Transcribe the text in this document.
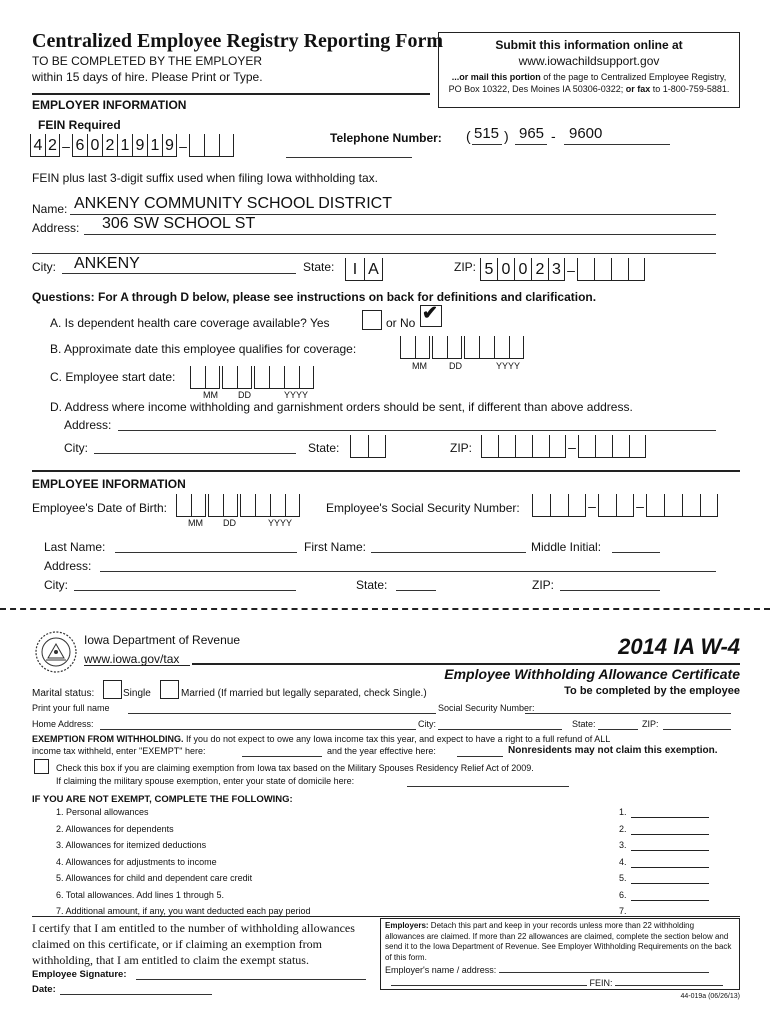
Centralized Employee Registry Reporting Form
TO BE COMPLETED BY THE EMPLOYER
within 15 days of hire. Please Print or Type.
Submit this information online at
www.iowachildsupport.gov
...or mail this portion of the page to Centralized Employee Registry, PO Box 10322, Des Moines IA 50306-0322; or fax to 1-800-759-5881.
EMPLOYER INFORMATION
FEIN Required
4 2 – 6 0 2 1 9 1 9 –	Telephone Number: ( 515 ) 965 - 9600
FEIN plus last 3-digit suffix used when filing Iowa withholding tax.
Name: ANKENY COMMUNITY SCHOOL DISTRICT
Address: 306 SW SCHOOL ST
City: ANKENY	State:	I A	ZIP: 5 0 0 2 3 –
Questions: For A through D below, please see instructions on back for definitions and clarification.
A. Is dependent health care coverage available? Yes	or No ✔
B. Approximate date this employee qualifies for coverage:
MM DD	YYYY
C. Employee start date:
MM DD	YYYY
D. Address where income withholding and garnishment orders should be sent, if different than above address.
Address:
City:	State:	ZIP:	–
EMPLOYEE INFORMATION
Employee's Date of Birth:
MM DD	YYYY
Employee's Social Security Number:	–	–
Last Name:	First Name:	Middle Initial:
Address:
City:	State:	ZIP:
Iowa Department of Revenue
www.iowa.gov/tax	2014 IA W-4
Employee Withholding Allowance Certificate
Marital status:	Single	Married (If married but legally separated, check Single.)	To be completed by the employee
Print your full name	Social Security Number:
Home Address:	City:	State:	ZIP:
EXEMPTION FROM WITHHOLDING. If you do not expect to owe any Iowa income tax this year, and expect to have a right to a full refund of ALL
income tax withheld, enter "EXEMPT" here:	and the year effective here:	Nonresidents may not claim this exemption.
Check this box if you are claiming exemption from Iowa tax based on the Military Spouses Residency Relief Act of 2009.
If claiming the military spouse exemption, enter your state of domicile here:
IF YOU ARE NOT EXEMPT, COMPLETE THE FOLLOWING:
1. Personal allowances	1.
2. Allowances for dependents	2.
3. Allowances for itemized deductions	3.
4. Allowances for adjustments to income	4.
5. Allowances for child and dependent care credit	5.
6. Total allowances. Add lines 1 through 5.	6.
7. Additional amount, if any, you want deducted each pay period	7.
I certify that I am entitled to the number of withholding allowances claimed on this certificate, or if claiming an exemption from withholding, that I am entitled to claim the exempt status.
Employee Signature:
Date:
Employers: Detach this part and keep in your records unless more than 22 withholding allowances are claimed. If more than 22 allowances are claimed, complete the section below and send it to the Iowa Department of Revenue. See Employer Withholding Requirements on the back of this form.
Employer's name / address:
FEIN:
44-019a (06/26/13)
